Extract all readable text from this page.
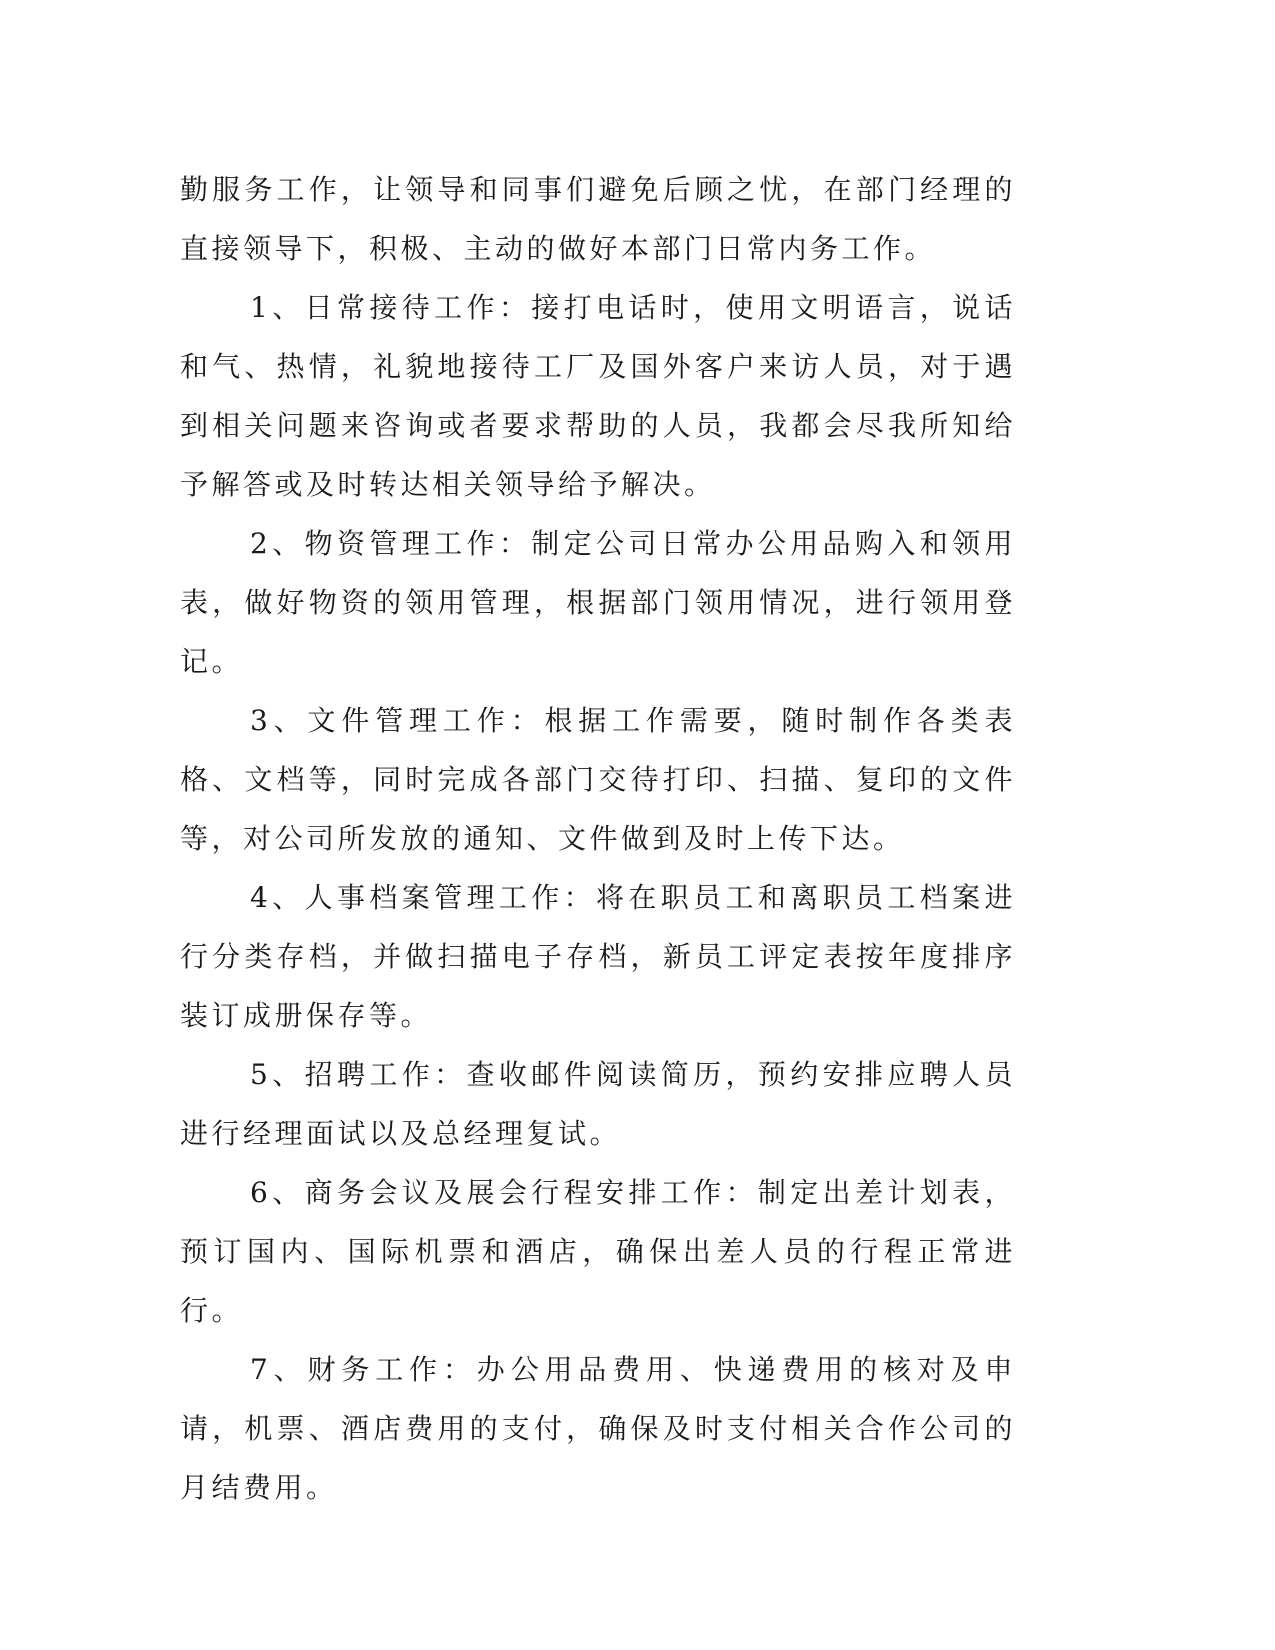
勤服务工作，让领导和同事们避免后顾之忧，在部门经理的直接领导下，积极、主动的做好本部门日常内务工作。

1、日常接待工作：接打电话时，使用文明语言，说话和气、热情，礼貌地接待工厂及国外客户来访人员，对于遇到相关问题来咨询或者要求帮助的人员，我都会尽我所知给予解答或及时转达相关领导给予解决。

2、物资管理工作：制定公司日常办公用品购入和领用表，做好物资的领用管理，根据部门领用情况，进行领用登记。

3、文件管理工作：根据工作需要，随时制作各类表格、文档等，同时完成各部门交待打印、扫描、复印的文件等，对公司所发放的通知、文件做到及时上传下达。

4、人事档案管理工作：将在职员工和离职员工档案进行分类存档，并做扫描电子存档，新员工评定表按年度排序装订成册保存等。

5、招聘工作：查收邮件阅读简历，预约安排应聘人员进行经理面试以及总经理复试。

6、商务会议及展会行程安排工作：制定出差计划表，预订国内、国际机票和酒店，确保出差人员的行程正常进行。

7、财务工作：办公用品费用、快递费用的核对及申请，机票、酒店费用的支付，确保及时支付相关合作公司的月结费用。
